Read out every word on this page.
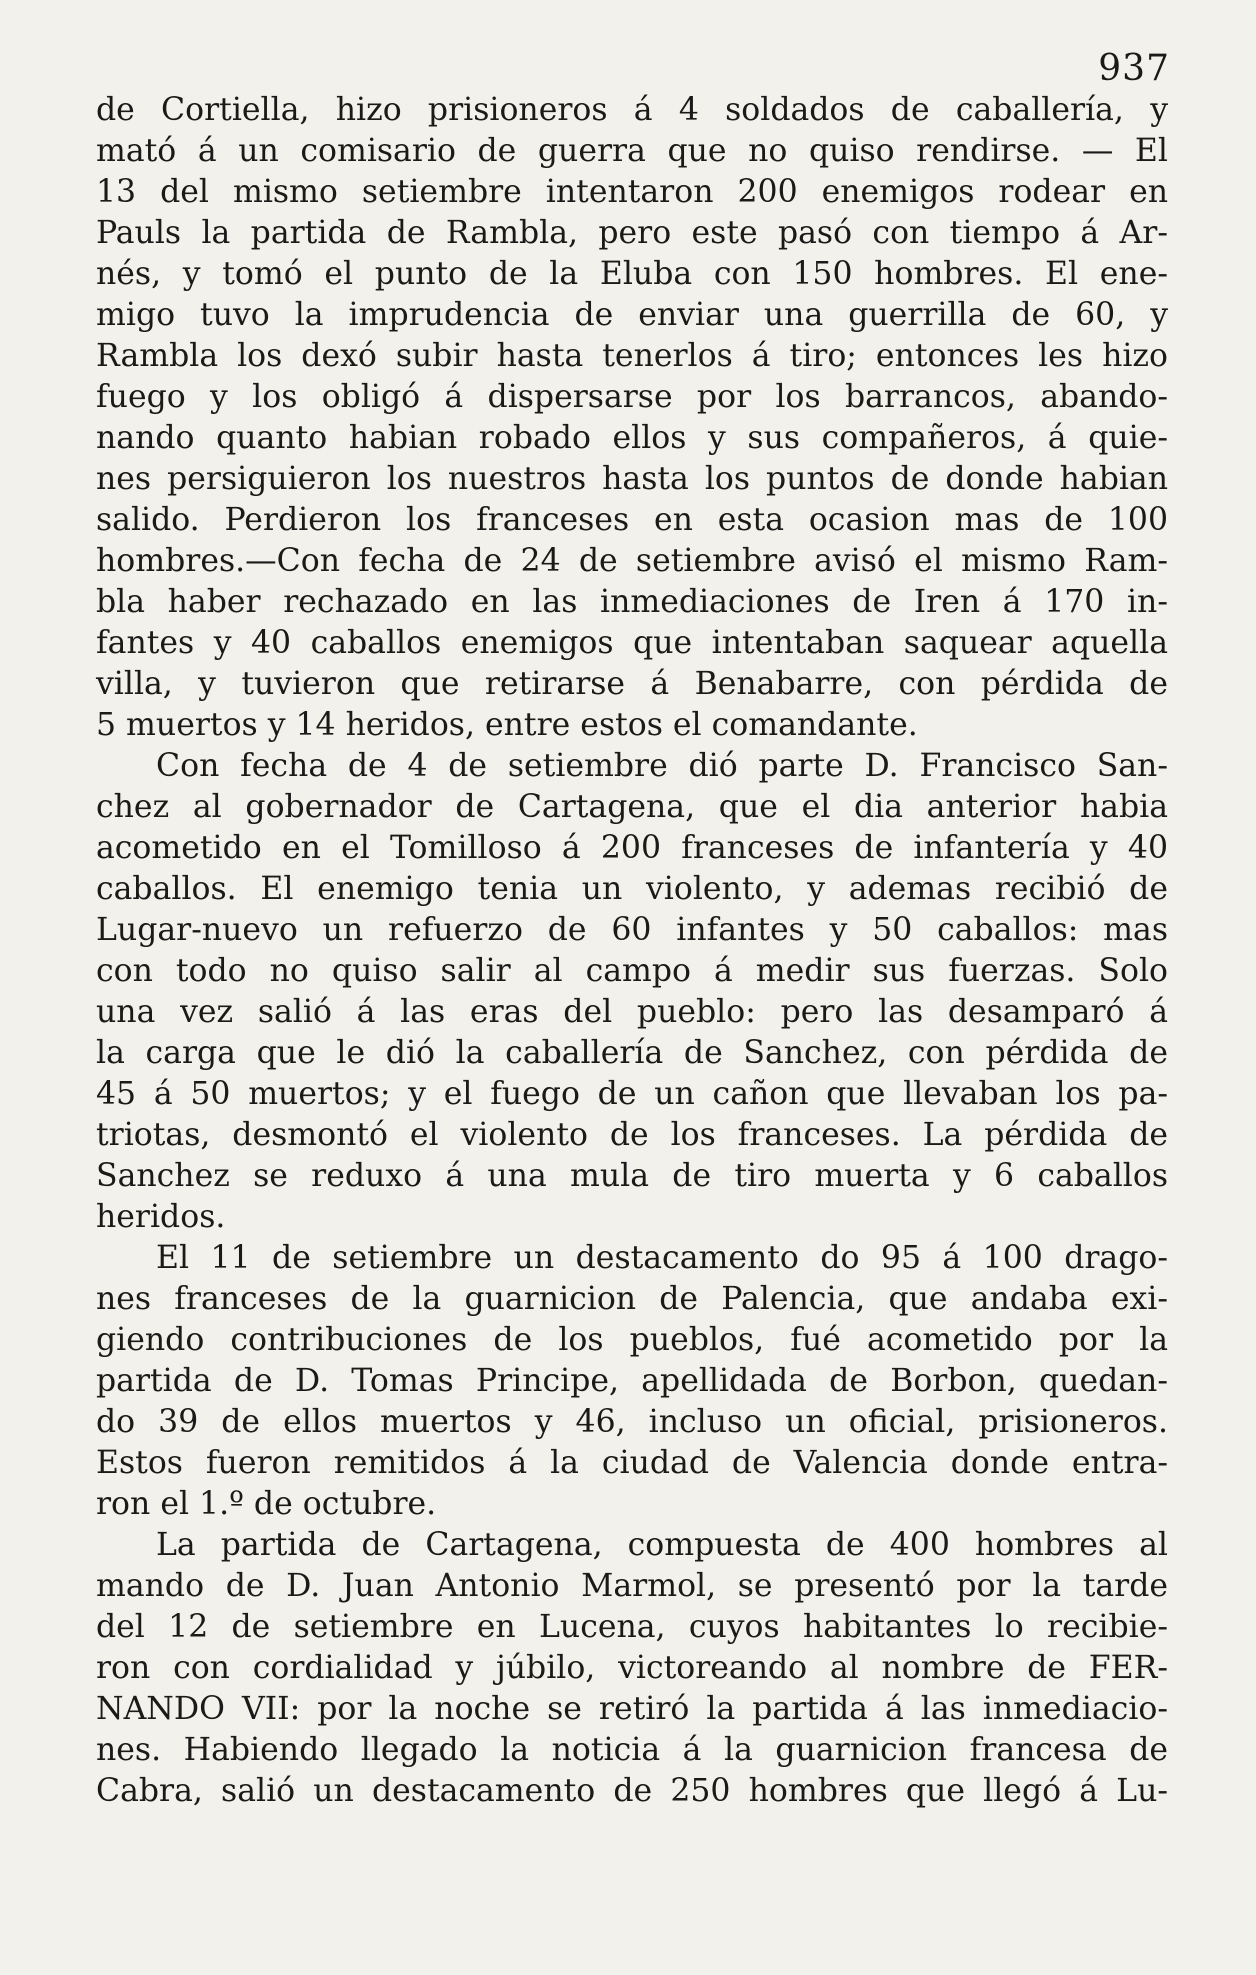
937
de Cortiella, hizo prisioneros á 4 soldados de caballería, y
mató á un comisario de guerra que no quiso rendirse. — El
13 del mismo setiembre intentaron 200 enemigos rodear en
Pauls la partida de Rambla, pero este pasó con tiempo á Ar-
nés, y tomó el punto de la Eluba con 150 hombres. El ene-
migo tuvo la imprudencia de enviar una guerrilla de 60, y
Rambla los dexó subir hasta tenerlos á tiro; entonces les hizo
fuego y los obligó á dispersarse por los barrancos, abando-
nando quanto habian robado ellos y sus compañeros, á quie-
nes persiguieron los nuestros hasta los puntos de donde habian
salido. Perdieron los franceses en esta ocasion mas de 100
hombres.—Con fecha de 24 de setiembre avisó el mismo Ram-
bla haber rechazado en las inmediaciones de Iren á 170 in-
fantes y 40 caballos enemigos que intentaban saquear aquella
villa, y tuvieron que retirarse á Benabarre, con pérdida de
5 muertos y 14 heridos, entre estos el comandante.
Con fecha de 4 de setiembre dió parte D. Francisco San-
chez al gobernador de Cartagena, que el dia anterior habia
acometido en el Tomilloso á 200 franceses de infantería y 40
caballos. El enemigo tenia un violento, y ademas recibió de
Lugar-nuevo un refuerzo de 60 infantes y 50 caballos: mas
con todo no quiso salir al campo á medir sus fuerzas. Solo
una vez salió á las eras del pueblo: pero las desamparó á
la carga que le dió la caballería de Sanchez, con pérdida de
45 á 50 muertos; y el fuego de un cañon que llevaban los pa-
triotas, desmontó el violento de los franceses. La pérdida de
Sanchez se reduxo á una mula de tiro muerta y 6 caballos
heridos.
El 11 de setiembre un destacamento do 95 á 100 drago-
nes franceses de la guarnicion de Palencia, que andaba exi-
giendo contribuciones de los pueblos, fué acometido por la
partida de D. Tomas Principe, apellidada de Borbon, quedan-
do 39 de ellos muertos y 46, incluso un oficial, prisioneros.
Estos fueron remitidos á la ciudad de Valencia donde entra-
ron el 1.º de octubre.
La partida de Cartagena, compuesta de 400 hombres al
mando de D. Juan Antonio Marmol, se presentó por la tarde
del 12 de setiembre en Lucena, cuyos habitantes lo recibie-
ron con cordialidad y júbilo, victoreando al nombre de FER-
NANDO VII: por la noche se retiró la partida á las inmediacio-
nes. Habiendo llegado la noticia á la guarnicion francesa de
Cabra, salió un destacamento de 250 hombres que llegó á Lu-
